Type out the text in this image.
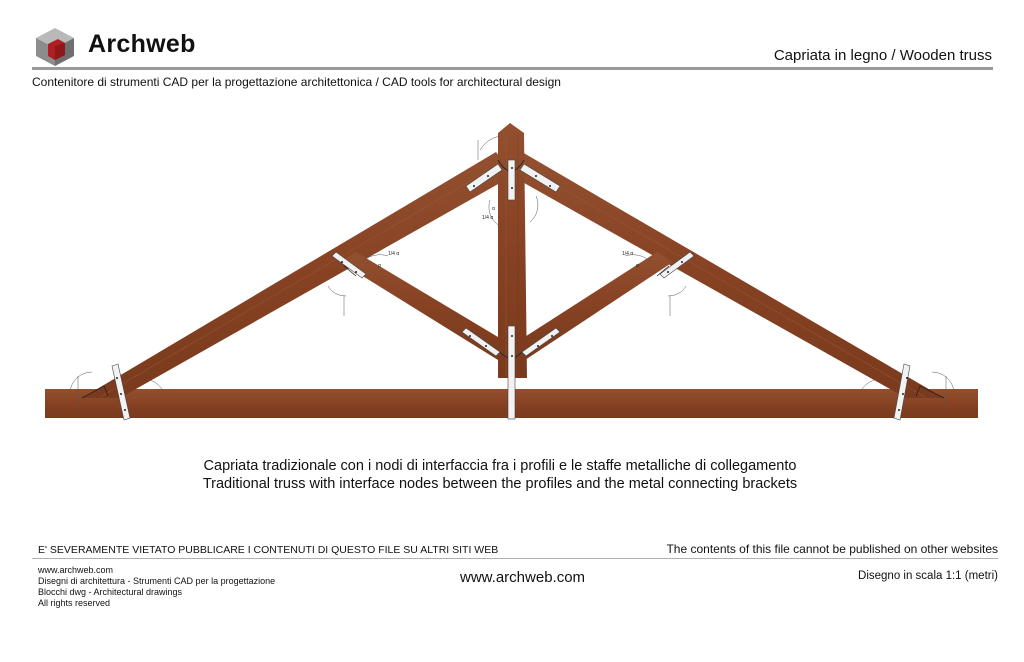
1/4 α
α
1/4 α
α
α
1/4 α
Archweb	Capriata in legno / Wooden truss
Contenitore di strumenti CAD per la progettazione architettonica / CAD tools for architectural design
Capriata tradizionale con i nodi di interfaccia fra i profili e le staffe metalliche di collegamento
Traditional truss with interface nodes between the profiles and the metal connecting brackets
E' SEVERAMENTE VIETATO PUBBLICARE I CONTENUTI DI QUESTO FILE SU ALTRI SITI WEB	The contents of this file cannot be published on other websites
www.archweb.com
Disegni di architettura - Strumenti CAD per la progettazione
Blocchi dwg - Architectural drawings
All rights reserved
www.archweb.com	Disegno in scala 1:1 (metri)
